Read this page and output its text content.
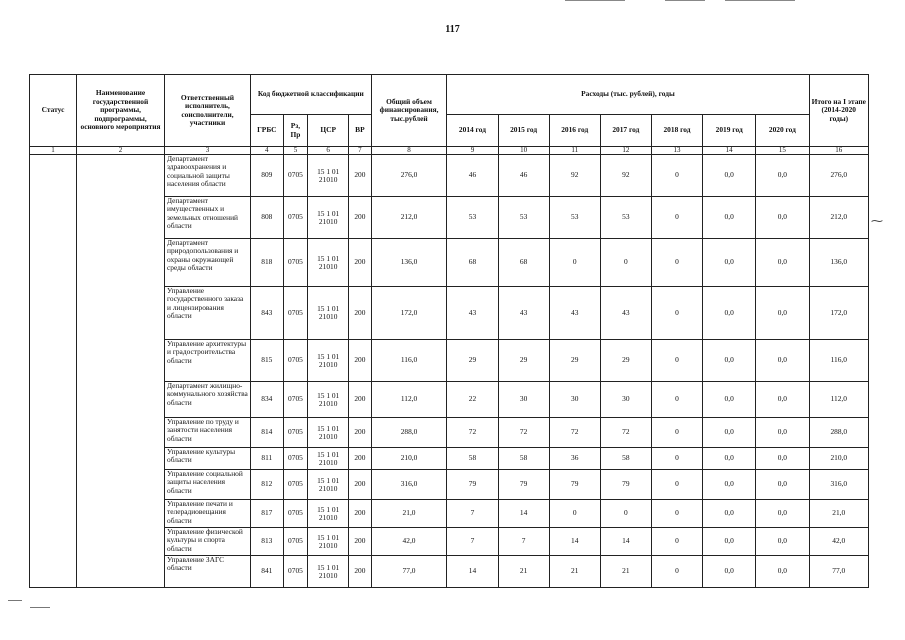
117
Статус	Наименование государственной программы, подпрограммы, основного мероприятия	Ответственный исполнитель, соисполнители, участники	Код бюджетной классификации				Общий объем финансирования, тыс.рублей	Расходы (тыс. рублей), годы							Итого на I этапе (2014-2020 годы)
			ГРБС	Рз, Пр	ЦСР	ВР		2014 год	2015 год	2016 год	2017 год	2018 год	2019 год	2020 год	
1	2	3	4	5	6	7	8	9	10	11	12	13	14	15	16
		Департамент здравоохранения и социальной защиты населения области	809	0705	15 1 01 21010	200	276,0	46	46	92	92	0	0,0	0,0	276,0
		Департамент имущественных и земельных отношений области	808	0705	15 1 01 21010	200	212,0	53	53	53	53	0	0,0	0,0	212,0
		Департамент природопользования и охраны окружающей среды области	818	0705	15 1 01 21010	200	136,0	68	68	0	0	0	0,0	0,0	136,0
		Управление государственного заказа и лицензирования области	843	0705	15 1 01 21010	200	172,0	43	43	43	43	0	0,0	0,0	172,0
		Управление архитектуры и градостроительства области	815	0705	15 1 01 21010	200	116,0	29	29	29	29	0	0,0	0,0	116,0
		Департамент жилищно-коммунального хозяйства области	834	0705	15 1 01 21010	200	112,0	22	30	30	30	0	0,0	0,0	112,0
		Управление по труду и занятости населения области	814	0705	15 1 01 21010	200	288,0	72	72	72	72	0	0,0	0,0	288,0
		Управление культуры области	811	0705	15 1 01 21010	200	210,0	58	58	36	58	0	0,0	0,0	210,0
		Управление социальной защиты населения области	812	0705	15 1 01 21010	200	316,0	79	79	79	79	0	0,0	0,0	316,0
		Управление печати и телерадиовещания области	817	0705	15 1 01 21010	200	21,0	7	14	0	0	0	0,0	0,0	21,0
		Управление физической культуры и спорта области	813	0705	15 1 01 21010	200	42,0	7	7	14	14	0	0,0	0,0	42,0
		Управление ЗАГС области	841	0705	15 1 01 21010	200	77,0	14	21	21	21	0	0,0	0,0	77,0
⁓
